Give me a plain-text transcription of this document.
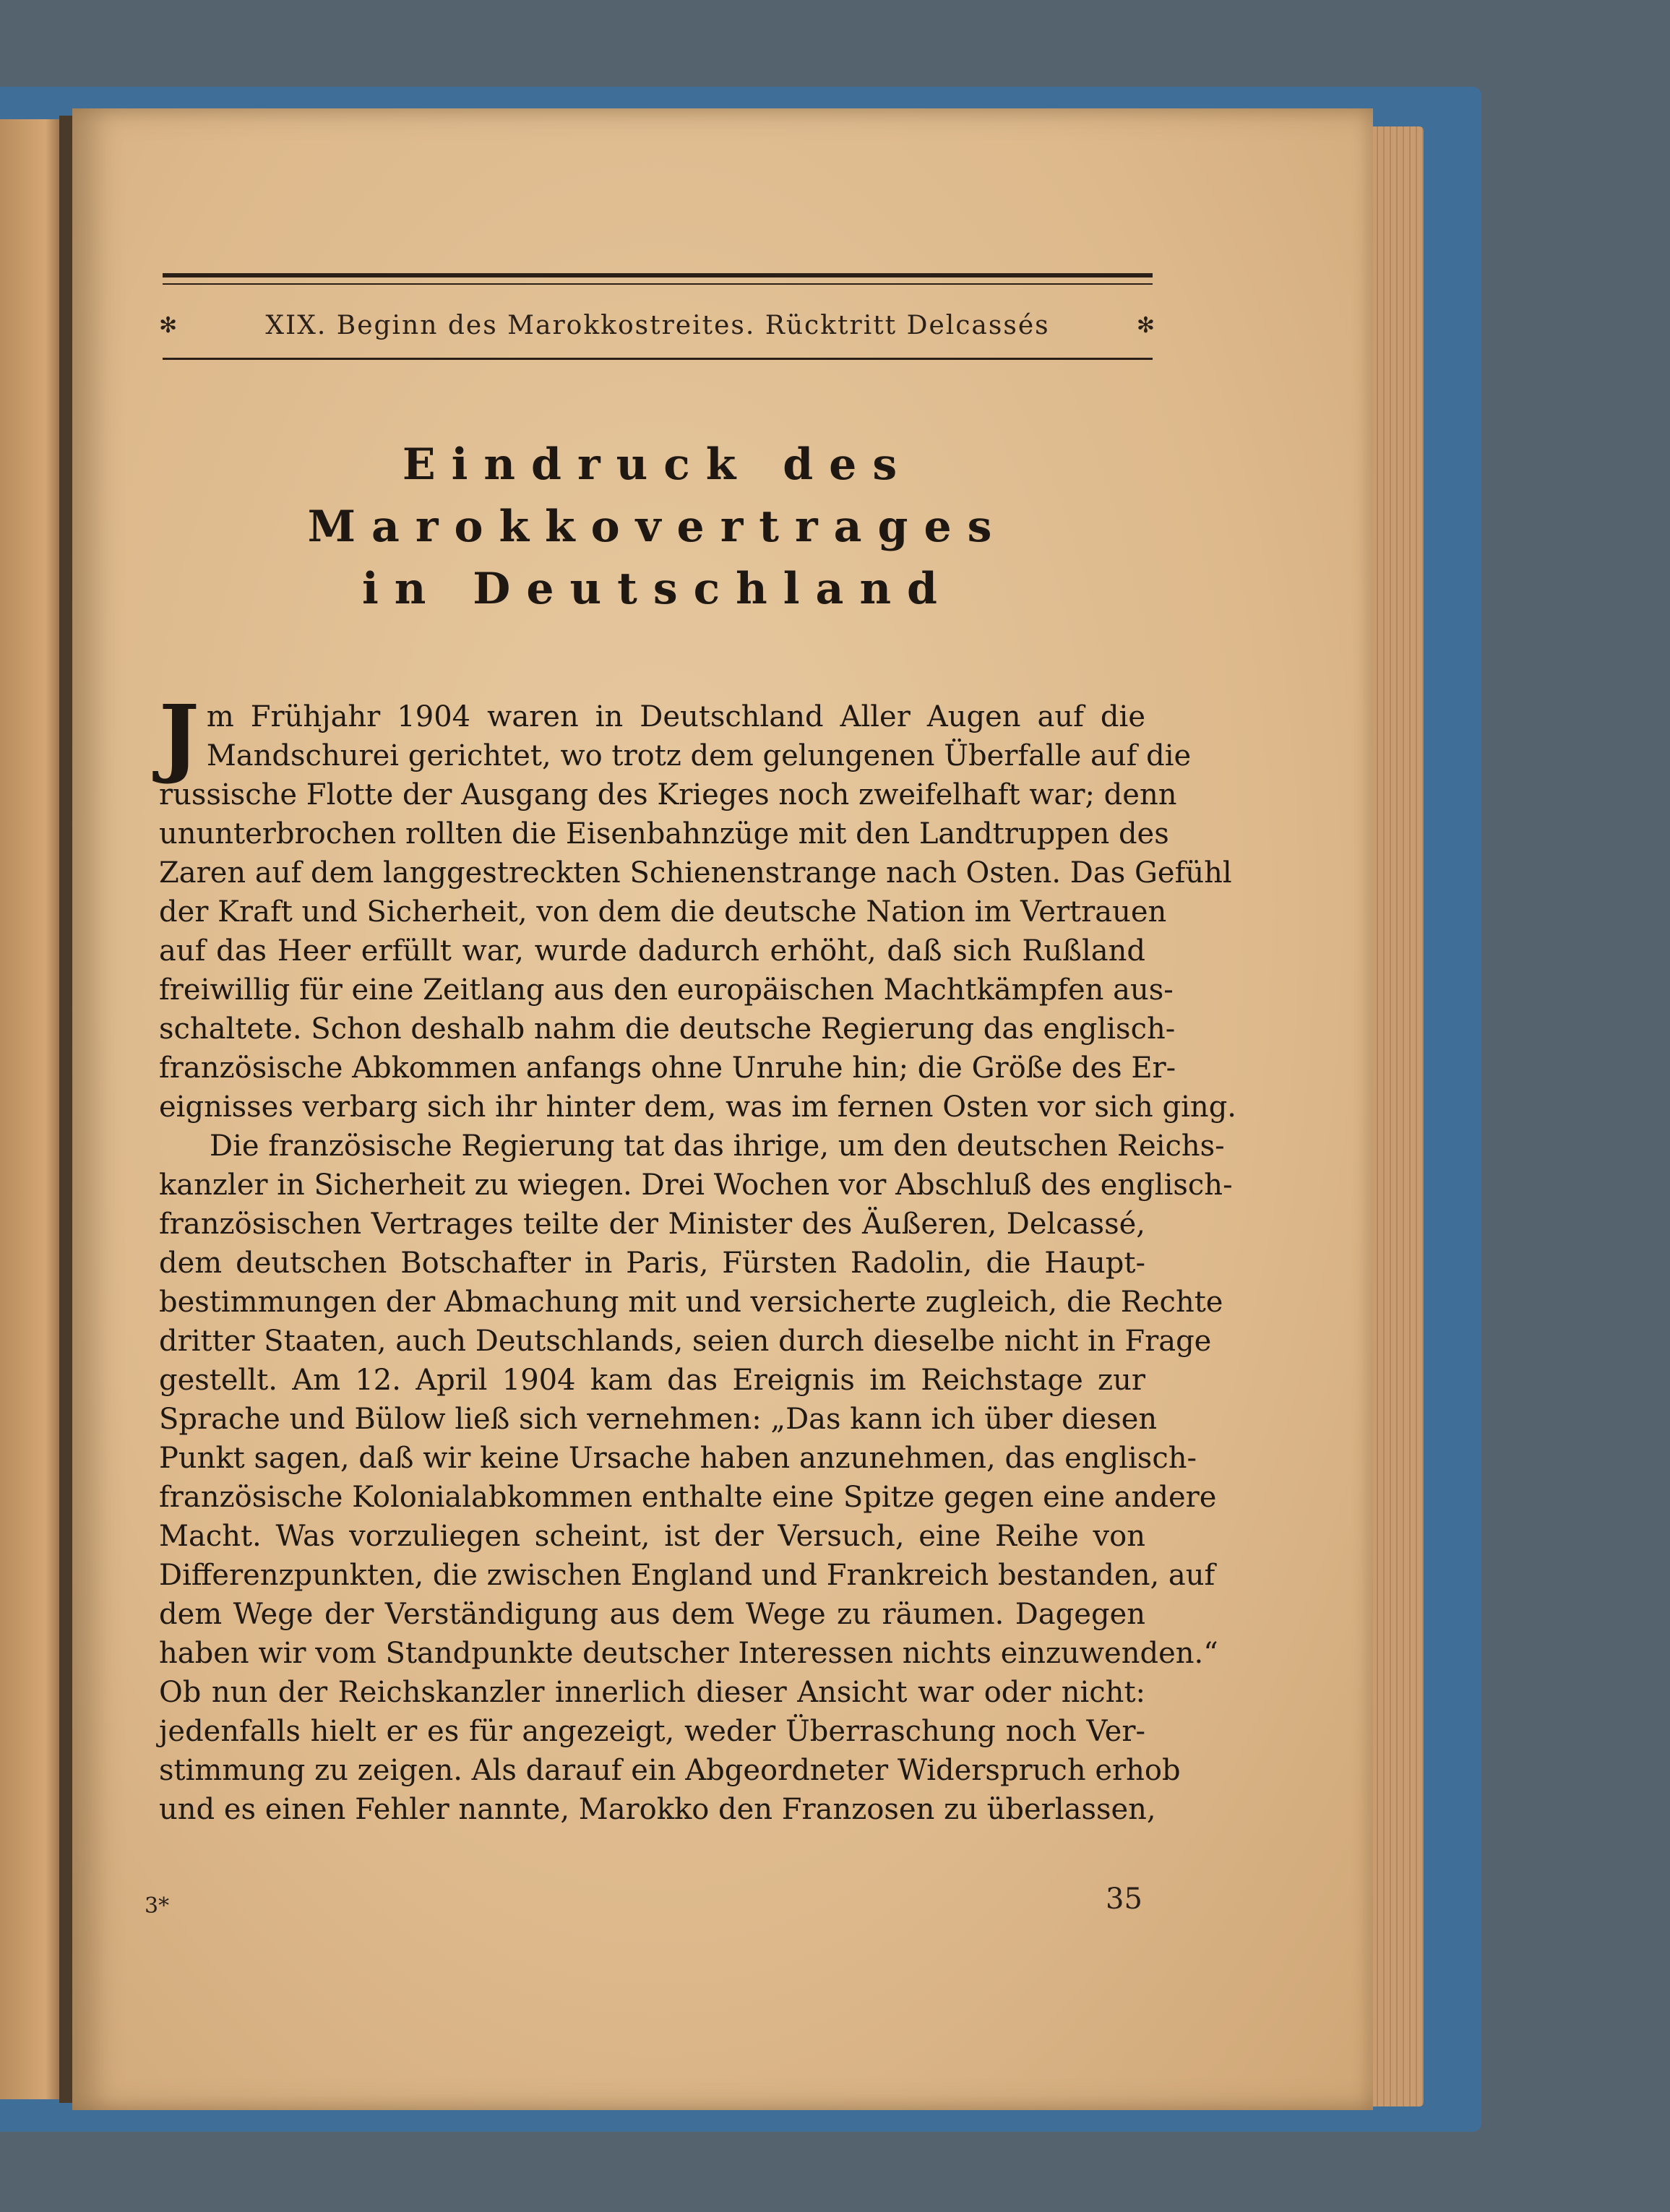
✻	XIX. Beginn des Marokkostreites. Rücktritt Delcassés	✻
Eindruck des Marokkovertrages
in Deutschland
J m Frühjahr 1904 waren in Deutschland Aller Augen auf die
Mandschurei gerichtet, wo trotz dem gelungenen Überfalle auf die
russische Flotte der Ausgang des Krieges noch zweifelhaft war; denn
ununterbrochen rollten die Eisenbahnzüge mit den Landtruppen des
Zaren auf dem langgestreckten Schienenstrange nach Osten. Das Gefühl
der Kraft und Sicherheit, von dem die deutsche Nation im Vertrauen
auf das Heer erfüllt war, wurde dadurch erhöht, daß sich Rußland
freiwillig für eine Zeitlang aus den europäischen Machtkämpfen aus-
schaltete. Schon deshalb nahm die deutsche Regierung das englisch-
französische Abkommen anfangs ohne Unruhe hin; die Größe des Er-
eignisses verbarg sich ihr hinter dem, was im fernen Osten vor sich ging.
Die französische Regierung tat das ihrige, um den deutschen Reichs-
kanzler in Sicherheit zu wiegen. Drei Wochen vor Abschluß des englisch-
französischen Vertrages teilte der Minister des Äußeren, Delcassé,
dem deutschen Botschafter in Paris, Fürsten Radolin, die Haupt-
bestimmungen der Abmachung mit und versicherte zugleich, die Rechte
dritter Staaten, auch Deutschlands, seien durch dieselbe nicht in Frage
gestellt. Am 12. April 1904 kam das Ereignis im Reichstage zur
Sprache und Bülow ließ sich vernehmen: „Das kann ich über diesen
Punkt sagen, daß wir keine Ursache haben anzunehmen, das englisch-
französische Kolonialabkommen enthalte eine Spitze gegen eine andere
Macht. Was vorzuliegen scheint, ist der Versuch, eine Reihe von
Differenzpunkten, die zwischen England und Frankreich bestanden, auf
dem Wege der Verständigung aus dem Wege zu räumen. Dagegen
haben wir vom Standpunkte deutscher Interessen nichts einzuwenden.“
Ob nun der Reichskanzler innerlich dieser Ansicht war oder nicht:
jedenfalls hielt er es für angezeigt, weder Überraschung noch Ver-
stimmung zu zeigen. Als darauf ein Abgeordneter Widerspruch erhob
und es einen Fehler nannte, Marokko den Franzosen zu überlassen,
3*	35
